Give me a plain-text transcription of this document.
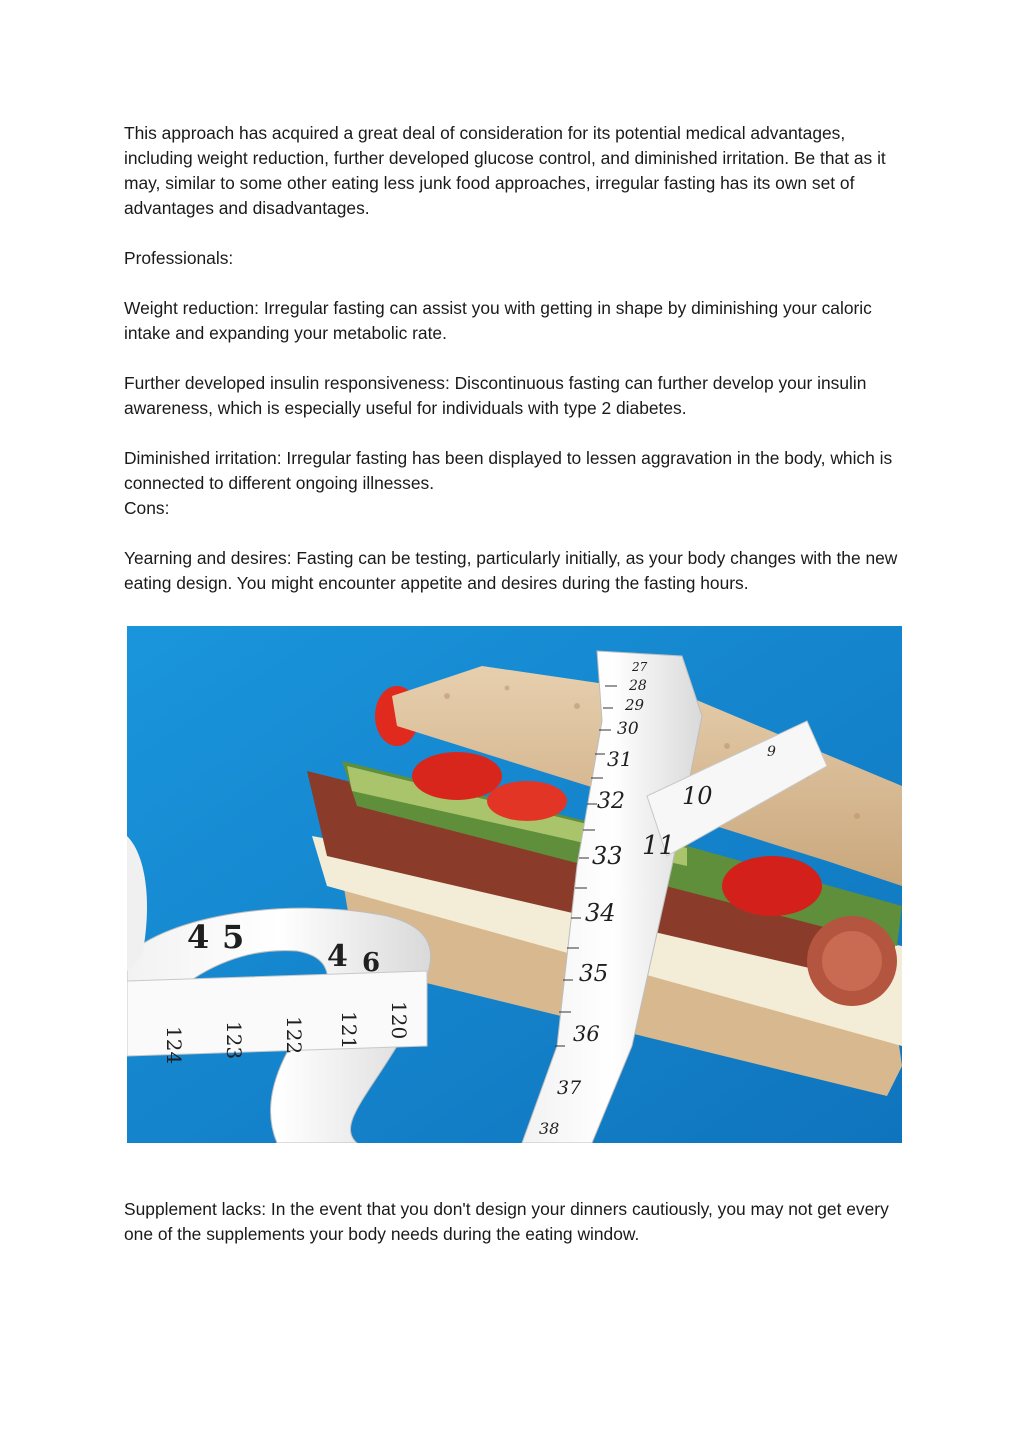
This approach has acquired a great deal of consideration for its potential medical advantages, including weight reduction, further developed glucose control, and diminished irritation. Be that as it may, similar to some other eating less junk food approaches, irregular fasting has its own set of advantages and disadvantages.

Professionals:

Weight reduction: Irregular fasting can assist you with getting in shape by diminishing your caloric intake and expanding your metabolic rate.

Further developed insulin responsiveness: Discontinuous fasting can further develop your insulin awareness, which is especially useful for individuals with type 2 diabetes.

Diminished irritation: Irregular fasting has been displayed to lessen aggravation in the body, which is connected to different ongoing illnesses.

Cons:

Yearning and desires: Fasting can be testing, particularly initially, as your body changes with the new eating design. You might encounter appetite and desires during the fasting hours.

27
28
29
30
31
32
33
34
35
36
37
38
9
10
11
4 5
4 6
124 123 122 121 120

Supplement lacks: In the event that you don't design your dinners cautiously, you may not get every one of the supplements your body needs during the eating window.
